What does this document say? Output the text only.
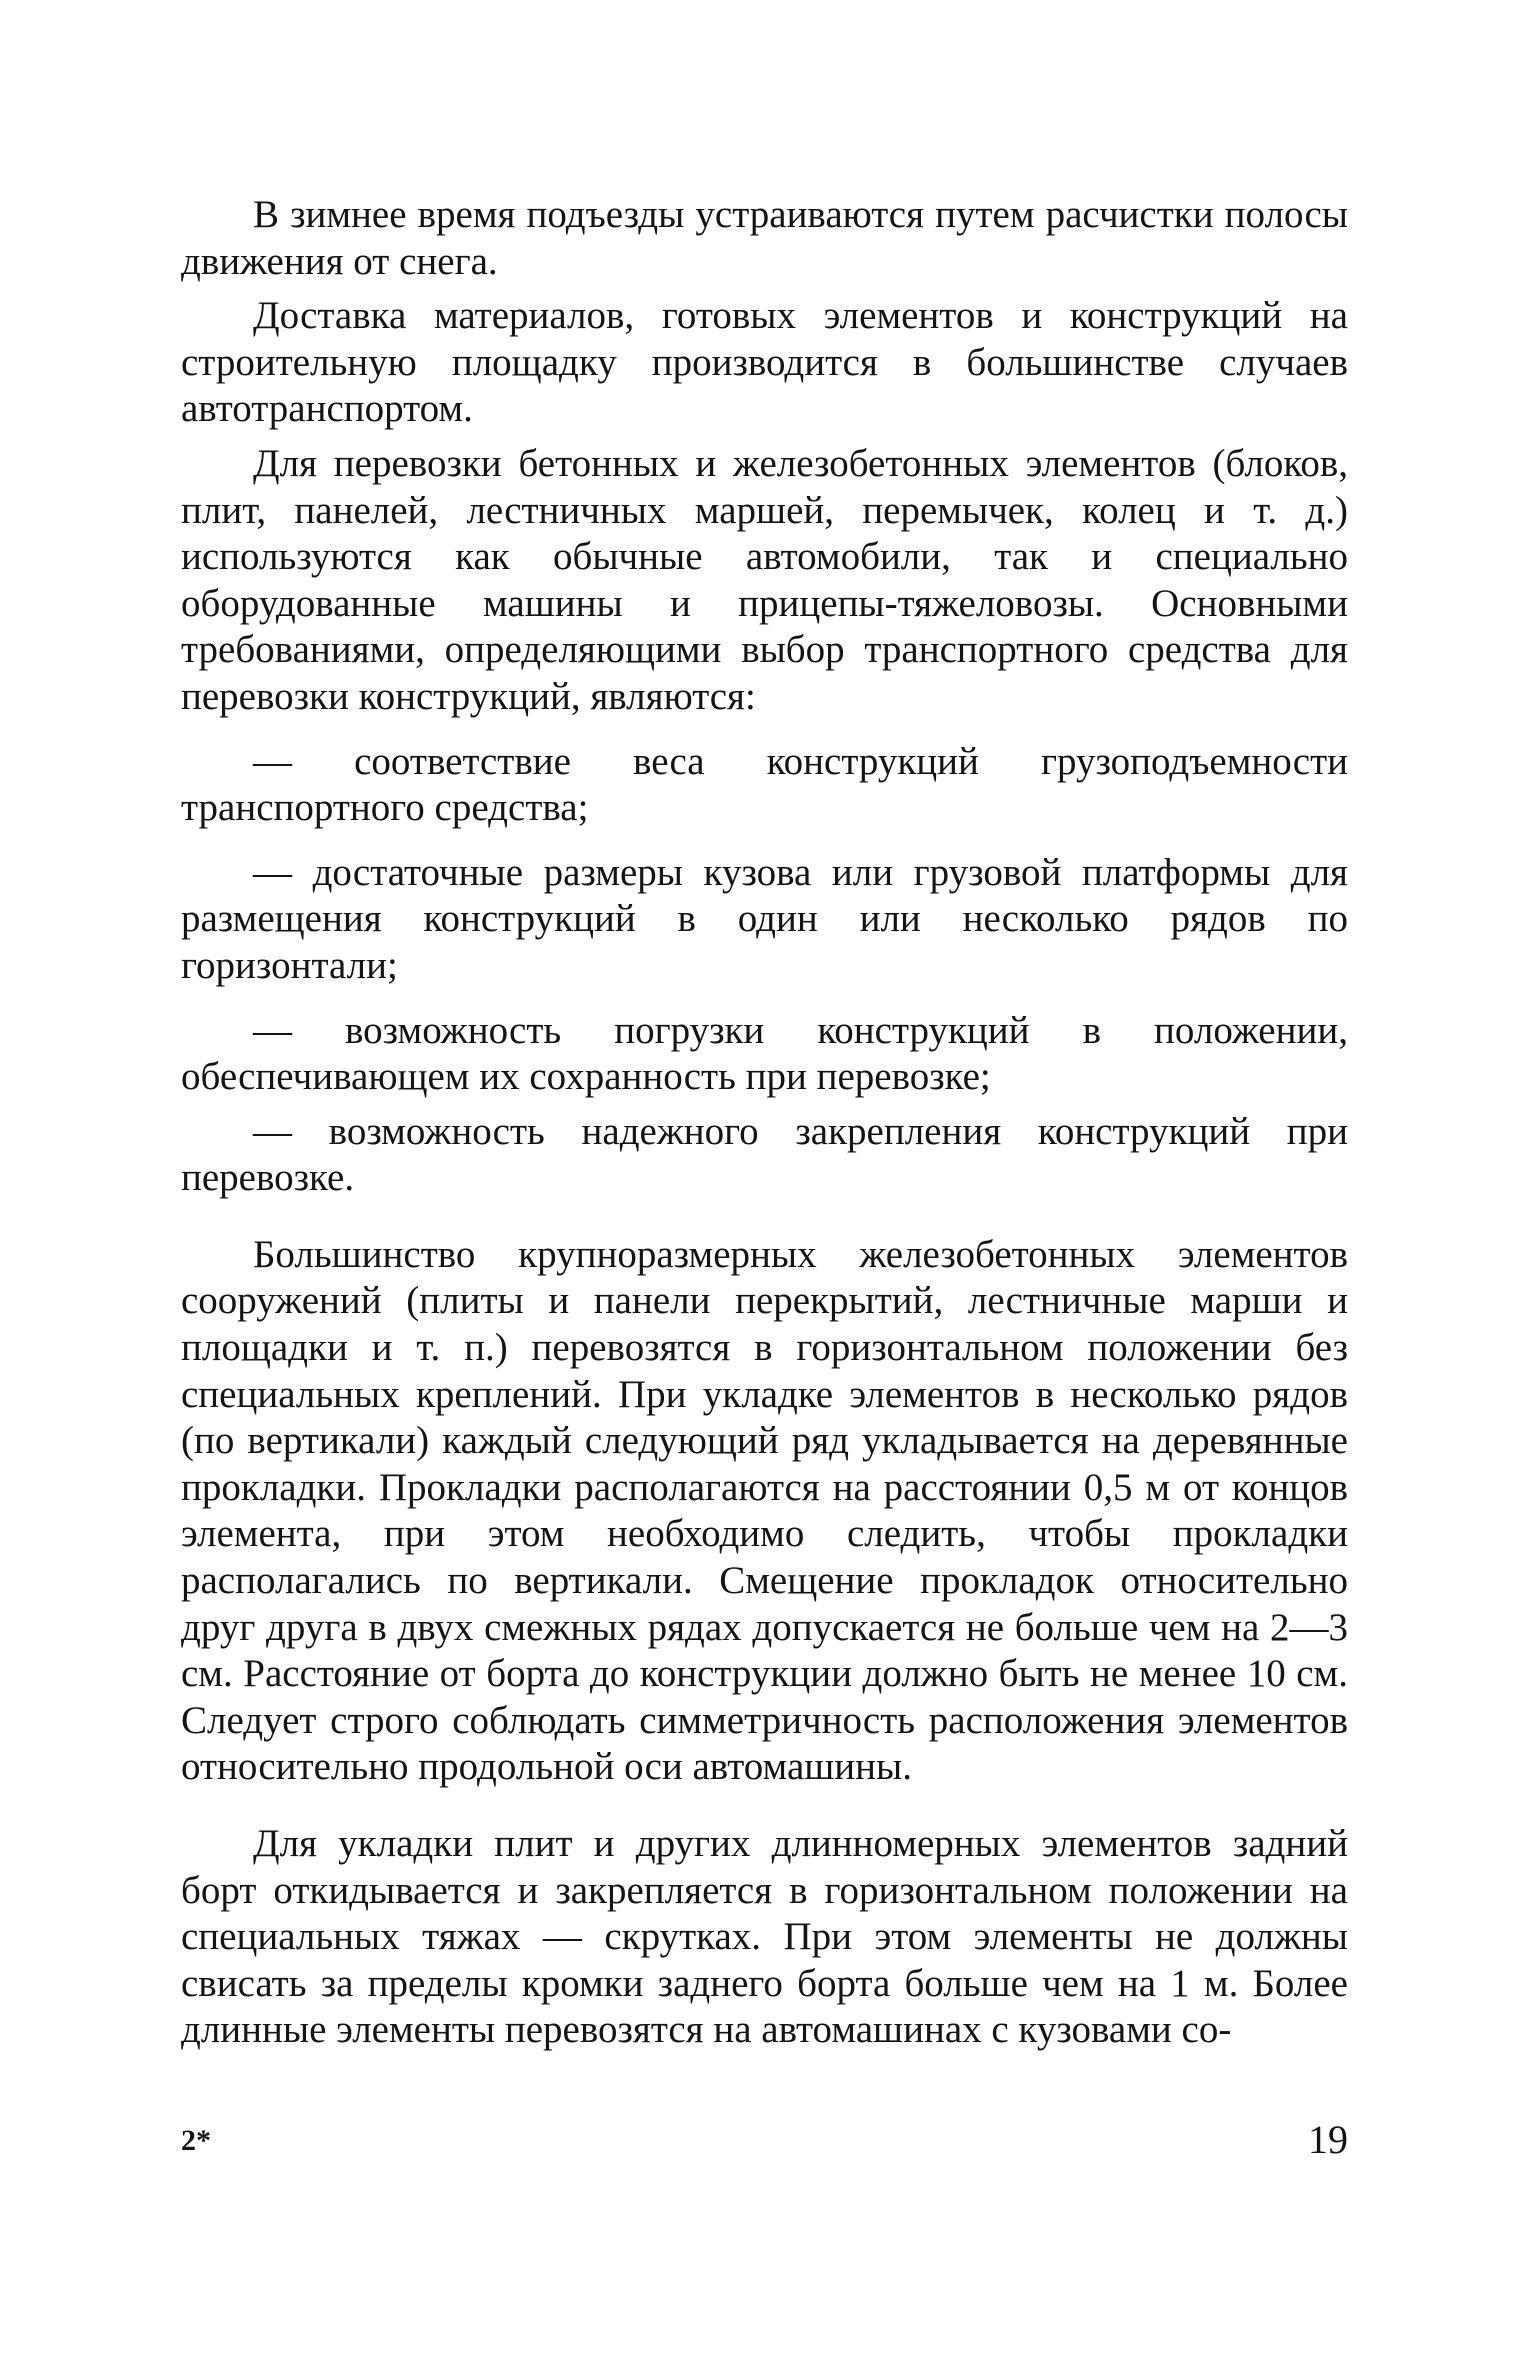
В зимнее время подъезды устраиваются путем расчистки полосы движения от снега.

Доставка материалов, готовых элементов и конструкций на строительную площадку производится в большинстве случаев автотранспортом.

Для перевозки бетонных и железобетонных элементов (блоков, плит, панелей, лестничных маршей, перемычек, колец и т. д.) используются как обычные автомобили, так и специально оборудованные машины и прицепы-тяжеловозы. Основными требованиями, определяющими выбор транспортного средства для перевозки конструкций, являются:

— соответствие веса конструкций грузоподъемности транспортного средства;

— достаточные размеры кузова или грузовой платформы для размещения конструкций в один или несколько рядов по горизонтали;

— возможность погрузки конструкций в положении, обеспечивающем их сохранность при перевозке;

— возможность надежного закрепления конструкций при перевозке.

Большинство крупноразмерных железобетонных элементов сооружений (плиты и панели перекрытий, лестничные марши и площадки и т. п.) перевозятся в горизонтальном положении без специальных креплений. При укладке элементов в несколько рядов (по вертикали) каждый следующий ряд укладывается на деревянные прокладки. Прокладки располагаются на расстоянии 0,5 м от концов элемента, при этом необходимо следить, чтобы прокладки располагались по вертикали. Смещение прокладок относительно друг друга в двух смежных рядах допускается не больше чем на 2—3 см. Расстояние от борта до конструкции должно быть не менее 10 см. Следует строго соблюдать симметричность расположения элементов относительно продольной оси автомашины.

Для укладки плит и других длинномерных элементов задний борт откидывается и закрепляется в горизонтальном положении на специальных тяжах — скрутках. При этом элементы не должны свисать за пределы кромки заднего борта больше чем на 1 м. Более длинные элементы перевозятся на автомашинах с кузовами со-

2*	19
